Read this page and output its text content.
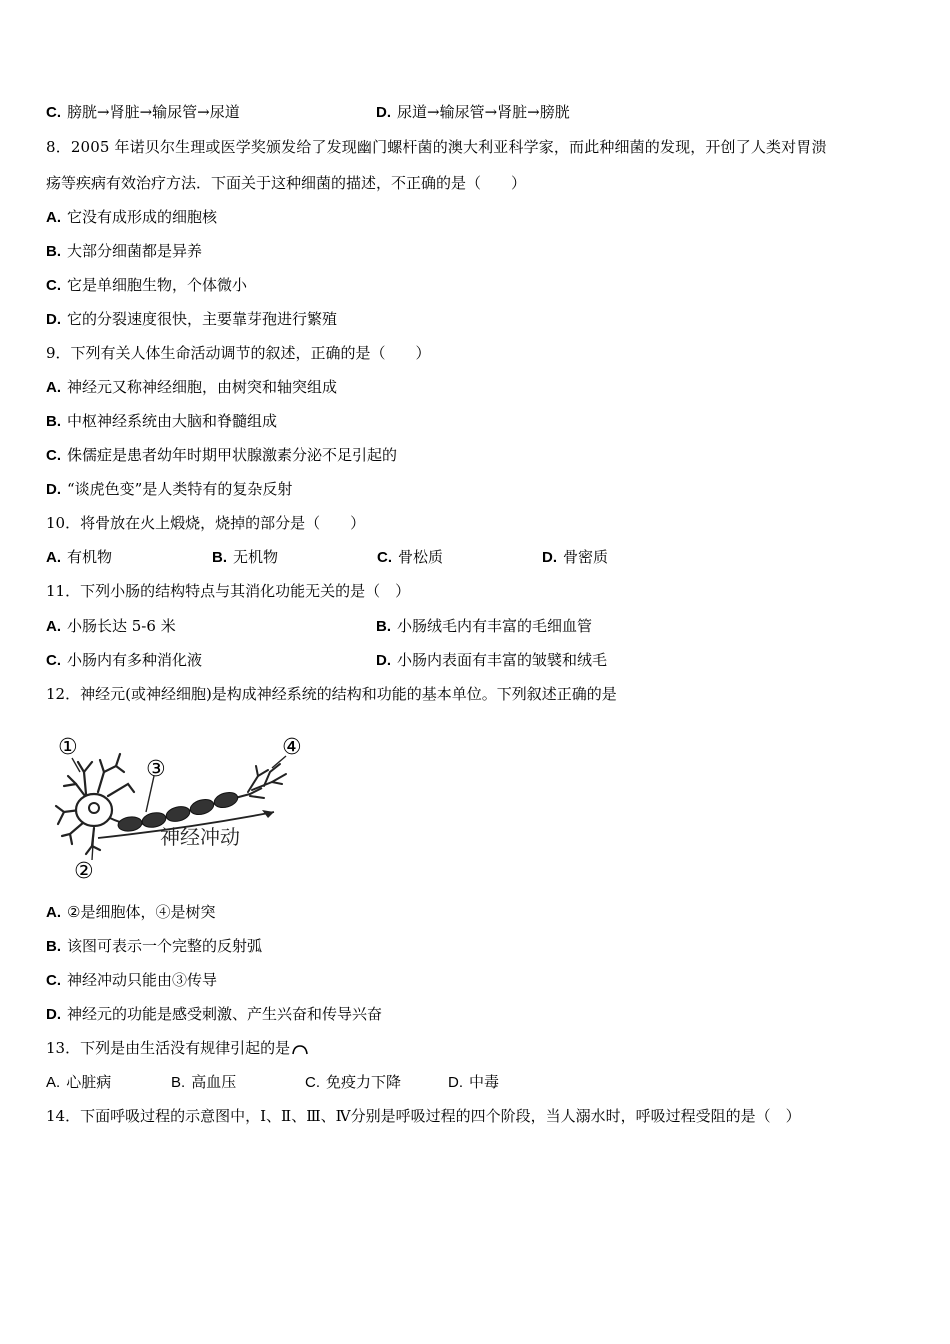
C. 膀胱→肾脏→输尿管→尿道	D. 尿道→输尿管→肾脏→膀胱
8．2005 年诺贝尔生理或医学奖颁发给了发现幽门螺杆菌的澳大利亚科学家，而此种细菌的发现，开创了人类对胃溃
疡等疾病有效治疗方法．下面关于这种细菌的描述，不正确的是（　　）
A. 它没有成形成的细胞核
B. 大部分细菌都是异养
C. 它是单细胞生物，个体微小
D. 它的分裂速度很快，主要靠芽孢进行繁殖
9．下列有关人体生命活动调节的叙述，正确的是（　　）
A. 神经元又称神经细胞，由树突和轴突组成
B. 中枢神经系统由大脑和脊髓组成
C. 侏儒症是患者幼年时期甲状腺激素分泌不足引起的
D. “谈虎色变”是人类特有的复杂反射
10．将骨放在火上煅烧，烧掉的部分是（　　）
A. 有机物	B. 无机物	C. 骨松质	D. 骨密质
11．下列小肠的结构特点与其消化功能无关的是（　）
A. 小肠长达 5-6 米	B. 小肠绒毛内有丰富的毛细血管
C. 小肠内有多种消化液	D. 小肠内表面有丰富的皱襞和绒毛
12．神经元(或神经细胞)是构成神经系统的结构和功能的基本单位。下列叙述正确的是
①
②
③
④
神经冲动
A. ②是细胞体，④是树突
B. 该图可表示一个完整的反射弧
C. 神经冲动只能由③传导
D. 神经元的功能是感受刺激、产生兴奋和传导兴奋
13．下列是由生活没有规律引起的是
A. 心脏病	B. 高血压	C. 免疫力下降	D. 中毒
14．下面呼吸过程的示意图中，Ⅰ、Ⅱ、Ⅲ、Ⅳ分别是呼吸过程的四个阶段，当人溺水时，呼吸过程受阻的是（　）
